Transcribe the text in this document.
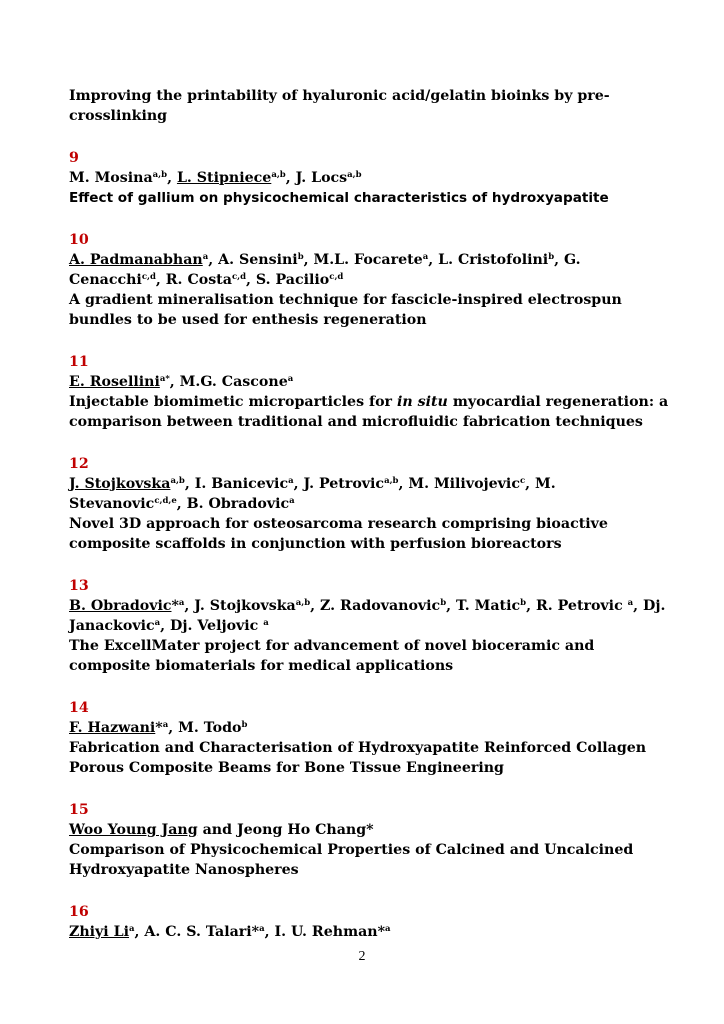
Improving the printability of hyaluronic acid/gelatin bioinks by pre-crosslinking
9
M. Mosina$^{a,b}$, L. Stipniece$^{a,b}$, J. Locs$^{a,b}$
Effect of gallium on physicochemical characteristics of hydroxyapatite
10
A. Padmanabhan$^a$, A. Sensini$^b$, M.L. Focarete$^a$, L. Cristofolini$^b$, G. Cenacchi$^{c,d}$, R. Costa$^{c,d}$, S. Pacilio$^{c,d}$
A gradient mineralisation technique for fascicle-inspired electrospun bundles to be used for enthesis regeneration
11
E. Rosellini$^{a*}$, M.G. Cascone$^a$
Injectable biomimetic microparticles for in situ myocardial regeneration: a comparison between traditional and microfluidic fabrication techniques
12
J. Stojkovska$^{a,b}$, I. Banicevic$^a$, J. Petrovic$^{a,b}$, M. Milivojevic$^c$, M. Stevanovic$^{c,d,e}$, B. Obradovic$^a$
Novel 3D approach for osteosarcoma research comprising bioactive composite scaffolds in conjunction with perfusion bioreactors
13
B. Obradovic*$^a$, J. Stojkovska$^{a,b}$, Z. Radovanovic$^b$, T. Matic$^b$, R. Petrovic $^a$, Dj. Janackovic$^a$, Dj. Veljovic $^a$
The ExcellMater project for advancement of novel bioceramic and composite biomaterials for medical applications
14
F. Hazwani*$^a$, M. Todo$^b$
Fabrication and Characterisation of Hydroxyapatite Reinforced Collagen Porous Composite Beams for Bone Tissue Engineering
15
Woo Young Jang and Jeong Ho Chang*
Comparison of Physicochemical Properties of Calcined and Uncalcined Hydroxyapatite Nanospheres
16
Zhiyi Li$^a$, A. C. S. Talari*$^a$, I. U. Rehman*$^a$
2
